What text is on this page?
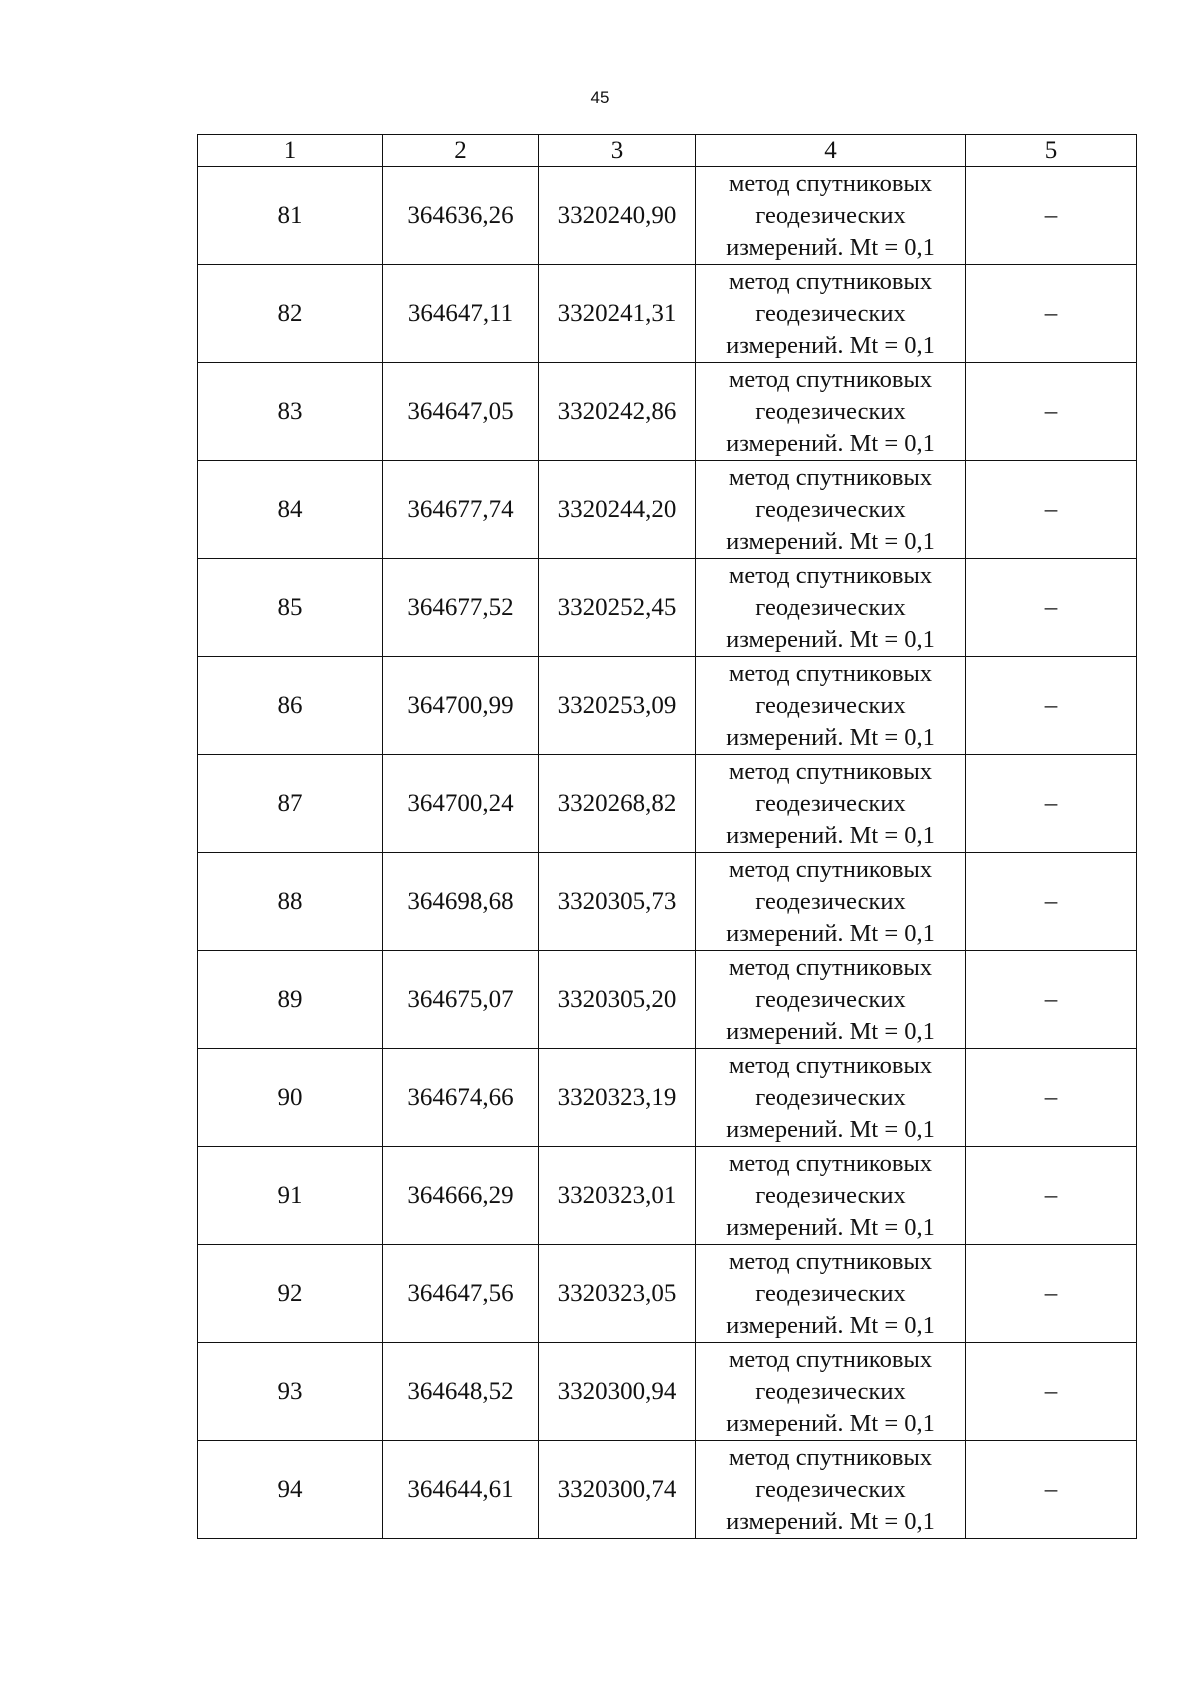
45
1	2	3	4	5
81	364636,26	3320240,90	метод спутниковых
геодезических
измерений. Mt = 0,1	–
82	364647,11	3320241,31	метод спутниковых
геодезических
измерений. Mt = 0,1	–
83	364647,05	3320242,86	метод спутниковых
геодезических
измерений. Mt = 0,1	–
84	364677,74	3320244,20	метод спутниковых
геодезических
измерений. Mt = 0,1	–
85	364677,52	3320252,45	метод спутниковых
геодезических
измерений. Mt = 0,1	–
86	364700,99	3320253,09	метод спутниковых
геодезических
измерений. Mt = 0,1	–
87	364700,24	3320268,82	метод спутниковых
геодезических
измерений. Mt = 0,1	–
88	364698,68	3320305,73	метод спутниковых
геодезических
измерений. Mt = 0,1	–
89	364675,07	3320305,20	метод спутниковых
геодезических
измерений. Mt = 0,1	–
90	364674,66	3320323,19	метод спутниковых
геодезических
измерений. Mt = 0,1	–
91	364666,29	3320323,01	метод спутниковых
геодезических
измерений. Mt = 0,1	–
92	364647,56	3320323,05	метод спутниковых
геодезических
измерений. Mt = 0,1	–
93	364648,52	3320300,94	метод спутниковых
геодезических
измерений. Mt = 0,1	–
94	364644,61	3320300,74	метод спутниковых
геодезических
измерений. Mt = 0,1	–
